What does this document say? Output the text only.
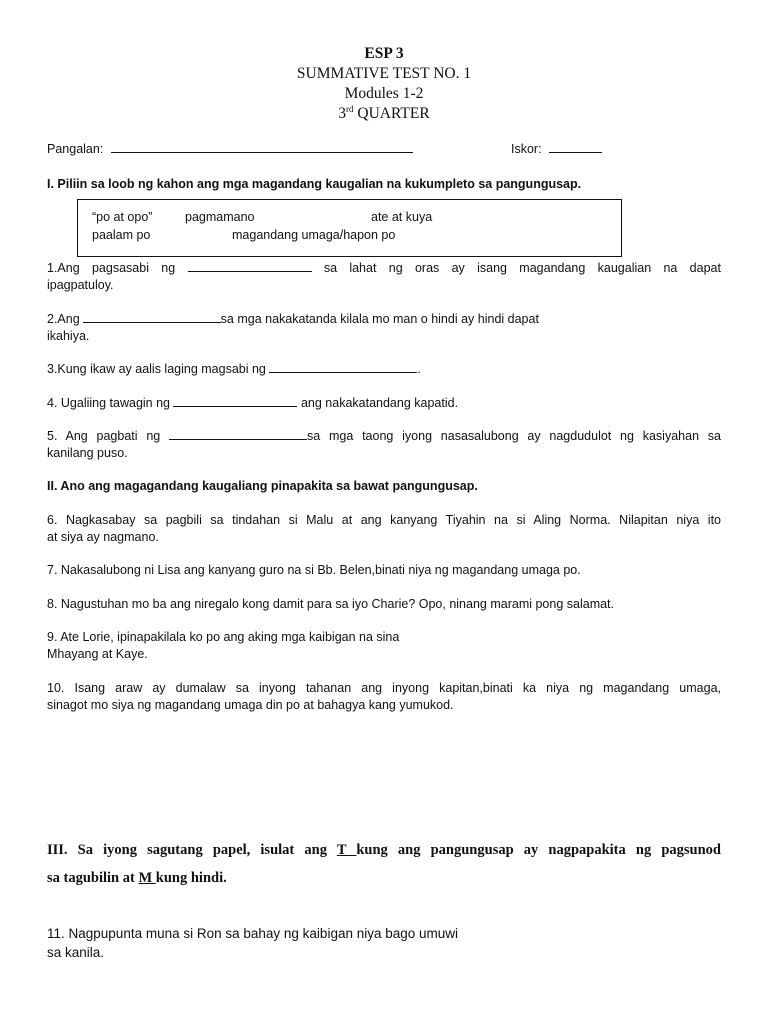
ESP 3
SUMMATIVE TEST NO. 1
Modules 1-2
3rd QUARTER
Pangalan:	Iskor:
I. Piliin sa loob ng kahon ang mga magandang kaugalian na kukumpleto sa pangungusap.
“po at opo”	pagmamano	ate at kuya
paalam po	magandang umaga/hapon po
1.Ang pagsasabi ng	sa lahat ng oras ay isang magandang kaugalian na dapat
ipagpatuloy.
2.Ang	sa mga nakakatanda kilala mo man o hindi ay hindi dapat
ikahiya.
3.Kung ikaw ay aalis laging magsabi ng	.
4. Ugaliing tawagin ng	ang nakakatandang kapatid.
5. Ang pagbati ng	sa mga taong iyong nasasalubong ay nagdudulot ng kasiyahan sa
kanilang puso.
II. Ano ang magagandang kaugaliang pinapakita sa bawat pangungusap.
6. Nagkasabay sa pagbili sa tindahan si Malu at ang kanyang Tiyahin na si Aling Norma. Nilapitan niya ito
at siya ay nagmano.
7. Nakasalubong ni Lisa ang kanyang guro na si Bb. Belen,binati niya ng magandang umaga po.
8. Nagustuhan mo ba ang niregalo kong damit para sa iyo Charie? Opo, ninang marami pong salamat.
9. Ate Lorie, ipinapakilala ko po ang aking mga kaibigan na sina
Mhayang at Kaye.
10. Isang araw ay dumalaw sa inyong tahanan ang inyong kapitan,binati ka niya ng magandang umaga,
sinagot mo siya ng magandang umaga din po at bahagya kang yumukod.
III. Sa iyong sagutang papel, isulat ang T kung ang pangungusap ay nagpapakita ng pagsunod
sa tagubilin at M kung hindi.
11. Nagpupunta muna si Ron sa bahay ng kaibigan niya bago umuwi
sa kanila.
